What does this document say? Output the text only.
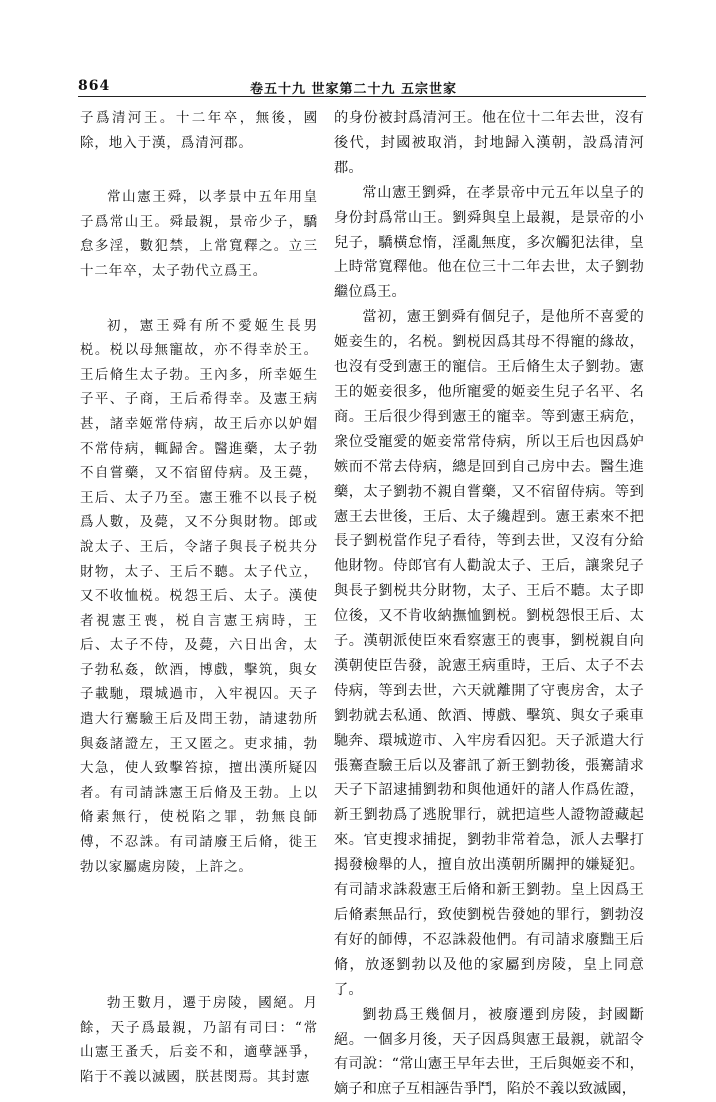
864	卷五十九 世家第二十九 五宗世家

子爲清河王。十二年卒，無後，國除，地入于漢，爲清河郡。

常山憲王舜，以孝景中五年用皇子爲常山王。舜最親，景帝少子，驕怠多淫，數犯禁，上常寬釋之。立三十二年卒，太子勃代立爲王。

初，憲王舜有所不愛姬生長男棁。棁以母無寵故，亦不得幸於王。王后脩生太子勃。王內多，所幸姬生子平、子商，王后希得幸。及憲王病甚，諸幸姬常侍病，故王后亦以妒媢不常侍病，輒歸舍。醫進藥，太子勃不自嘗藥，又不宿留侍病。及王薨，王后、太子乃至。憲王雅不以長子棁爲人數，及薨，又不分與財物。郎或說太子、王后，令諸子與長子棁共分財物，太子、王后不聽。太子代立，又不收恤棁。棁怨王后、太子。漢使者視憲王喪，棁自言憲王病時，王后、太子不侍，及薨，六日出舍，太子勃私姦，飲酒，博戲，擊筑，與女子載馳，環城過市，入牢視囚。天子遣大行騫驗王后及問王勃，請逮勃所與姦諸證左，王又匿之。吏求捕，勃大急，使人致擊笞掠，擅出漢所疑囚者。有司請誅憲王后脩及王勃。上以脩素無行，使棁陷之罪，勃無良師傅，不忍誅。有司請廢王后脩，徙王勃以家屬處房陵，上許之。

勃王數月，遷于房陵，國絕。月餘，天子爲最親，乃詔有司曰：“常山憲王蚤夭，后妾不和，適孽誣爭，陷于不義以滅國，朕甚閔焉。其封憲

的身份被封爲清河王。他在位十二年去世，沒有後代，封國被取消，封地歸入漢朝，設爲清河郡。

常山憲王劉舜，在孝景帝中元五年以皇子的身份封爲常山王。劉舜與皇上最親，是景帝的小兒子，驕橫怠惰，淫亂無度，多次觸犯法律，皇上時常寬釋他。他在位三十二年去世，太子劉勃繼位爲王。

當初，憲王劉舜有個兒子，是他所不喜愛的姬妾生的，名棁。劉棁因爲其母不得寵的緣故，也沒有受到憲王的寵信。王后脩生太子劉勃。憲王的姬妾很多，他所寵愛的姬妾生兒子名平、名商。王后很少得到憲王的寵幸。等到憲王病危，衆位受寵愛的姬妾常常侍病，所以王后也因爲妒嫉而不常去侍病，總是回到自己房中去。醫生進藥，太子劉勃不親自嘗藥，又不宿留侍病。等到憲王去世後，王后、太子纔趕到。憲王素來不把長子劉棁當作兒子看待，等到去世，又沒有分給他財物。侍郎官有人勸說太子、王后，讓衆兒子與長子劉棁共分財物，太子、王后不聽。太子即位後，又不肯收納撫恤劉棁。劉棁怨恨王后、太子。漢朝派使臣來看察憲王的喪事，劉棁親自向漢朝使臣告發，說憲王病重時，王后、太子不去侍病，等到去世，六天就離開了守喪房舍，太子劉勃就去私通、飲酒、博戲、擊筑、與女子乘車馳奔、環城遊市、入牢房看囚犯。天子派遣大行張騫查驗王后以及審訊了新王劉勃後，張騫請求天子下詔逮捕劉勃和與他通奸的諸人作爲佐證，新王劉勃爲了逃脫罪行，就把這些人證物證藏起來。官吏搜求捕捉，劉勃非常着急，派人去擊打揭發檢舉的人，擅自放出漢朝所關押的嫌疑犯。有司請求誅殺憲王后脩和新王劉勃。皇上因爲王后脩素無品行，致使劉棁告發她的罪行，劉勃沒有好的師傅，不忍誅殺他們。有司請求廢黜王后脩，放逐劉勃以及他的家屬到房陵，皇上同意了。

劉勃爲王幾個月，被廢遷到房陵，封國斷絕。一個多月後，天子因爲與憲王最親，就詔令有司說：“常山憲王早年去世，王后與姬妾不和，嫡子和庶子互相誣告爭鬥，陷於不義以致滅國，
